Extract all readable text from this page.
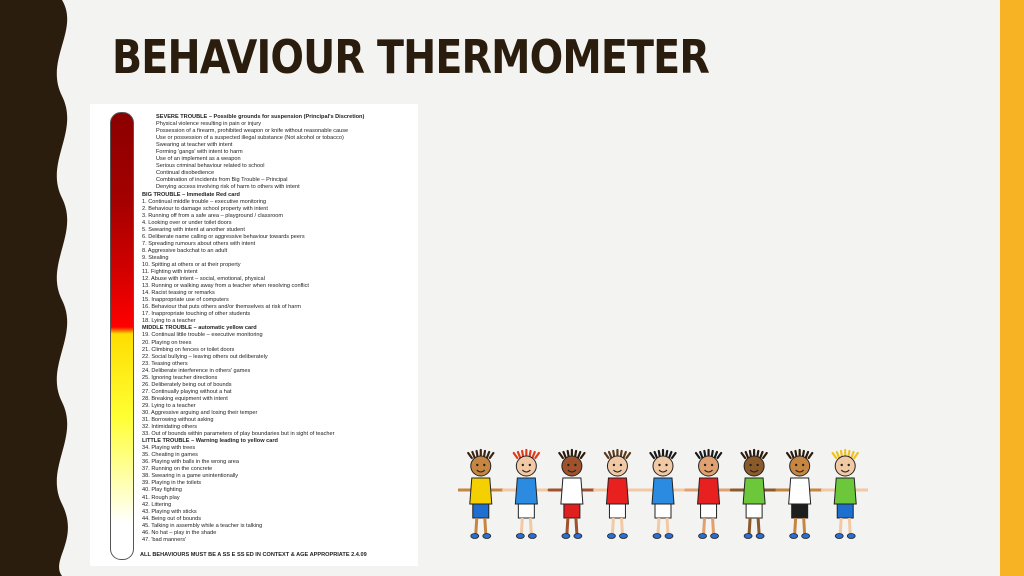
BEHAVIOUR THERMOMETER
SEVERE TROUBLE – Possible grounds for suspension (Principal's Discretion)
Physical violence resulting in pain or injury
Possession of a firearm, prohibited weapon or knife without reasonable cause
Use or possession of a suspected illegal substance (Not alcohol or tobacco)
Swearing at teacher with intent
Forming 'gangs' with intent to harm
Use of an implement as a weapon
Serious criminal behaviour related to school
Continual disobedience
Combination of incidents from Big Trouble – Principal
Denying access involving risk of harm to others with intent
BIG TROUBLE – Immediate Red card
1. Continual middle trouble – executive monitoring
2. Behaviour to damage school property with intent
3. Running off from a safe area – playground / classroom
4. Looking over or under toilet doors
5. Swearing with intent at another student
6. Deliberate name calling or aggressive behaviour towards peers
7. Spreading rumours about others with intent
8. Aggressive backchat to an adult
9. Stealing
10. Spitting at others or at their property
11. Fighting with intent
12. Abuse with intent – social, emotional, physical
13. Running or walking away from a teacher when resolving conflict
14. Racist teasing or remarks
15. Inappropriate use of computers
16. Behaviour that puts others and/or themselves at risk of harm
17. Inappropriate touching of other students
18. Lying to a teacher
MIDDLE TROUBLE – automatic yellow card
19. Continual little trouble – executive monitoring
20. Playing on trees
21. Climbing on fences or toilet doors
22. Social bullying – leaving others out deliberately
23. Teasing others
24. Deliberate interference in others' games
25. Ignoring teacher directions
26. Deliberately being out of bounds
27. Continually playing without a hat
28. Breaking equipment with intent
29. Lying to a teacher
30. Aggressive arguing and losing their temper
31. Borrowing without asking
32. Intimidating others
33. Out of bounds within parameters of play boundaries but in sight of teacher
LITTLE TROUBLE – Warning leading to yellow card
34. Playing with trees
35. Cheating in games
36. Playing with balls in the wrong area
37. Running on the concrete
38. Swearing in a game unintentionally
39. Playing in the toilets
40. Play fighting
41. Rough play
42. Littering
43. Playing with sticks
44. Being out of bounds
45. Talking in assembly while a teacher is talking
46. No hat – play in the shade
47. 'bad manners'
ALL BEHAVIOURS MUST BE A SS E SS ED IN CONTEXT & AGE APPROPRIATE 2.4.09
